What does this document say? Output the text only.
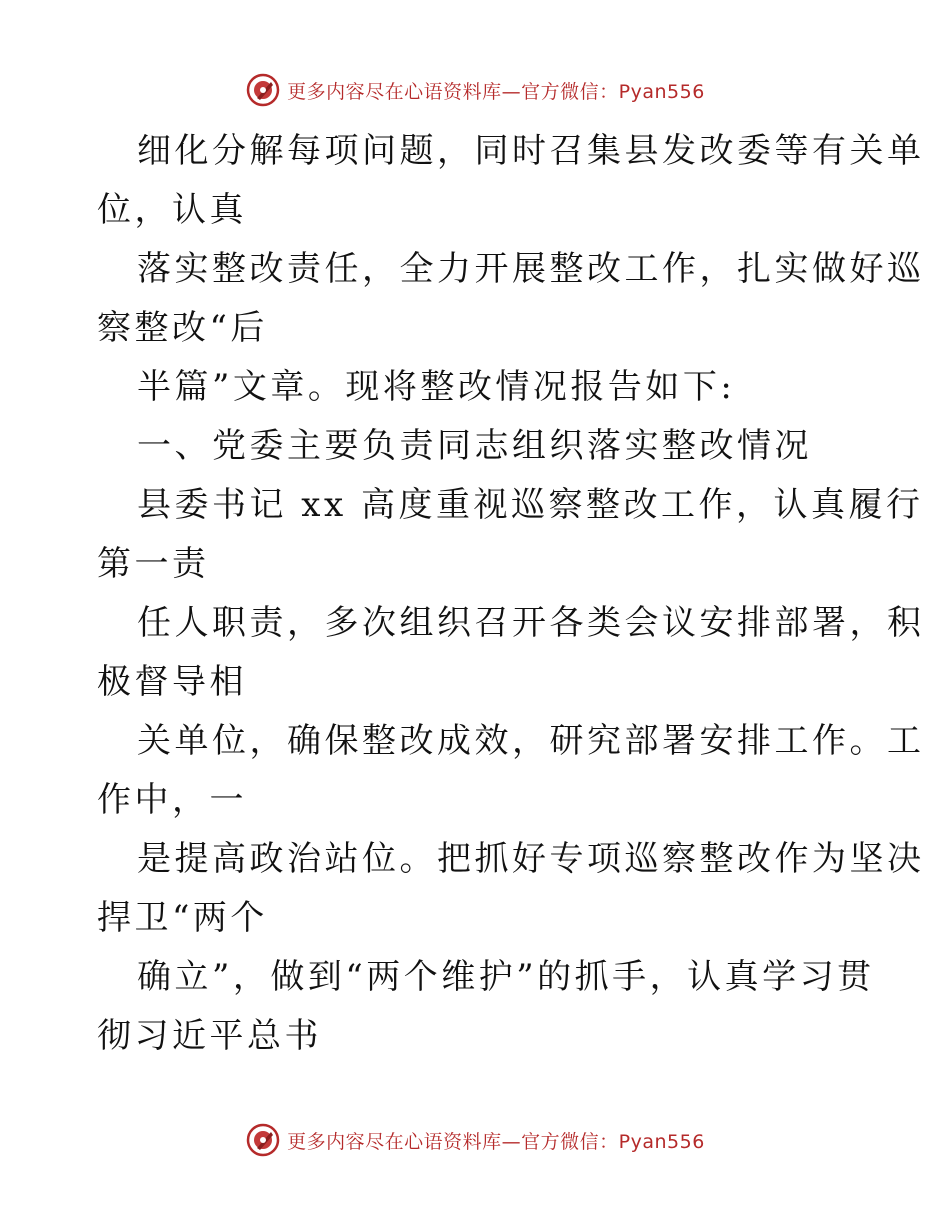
更多内容尽在心语资料库—官方微信：Pyan556
细化分解每项问题，同时召集县发改委等有关单
位，认真
落实整改责任，全力开展整改工作，扎实做好巡
察整改“后
半篇”文章。现将整改情况报告如下:
一、党委主要负责同志组织落实整改情况
县委书记 xx 高度重视巡察整改工作，认真履行
第一责
任人职责，多次组织召开各类会议安排部署，积
极督导相
关单位，确保整改成效，研究部署安排工作。工
作中，一
是提高政治站位。把抓好专项巡察整改作为坚决
捍卫“两个
确立”，做到“两个维护”的抓手，认真学习贯
彻习近平总书
更多内容尽在心语资料库—官方微信：Pyan556
